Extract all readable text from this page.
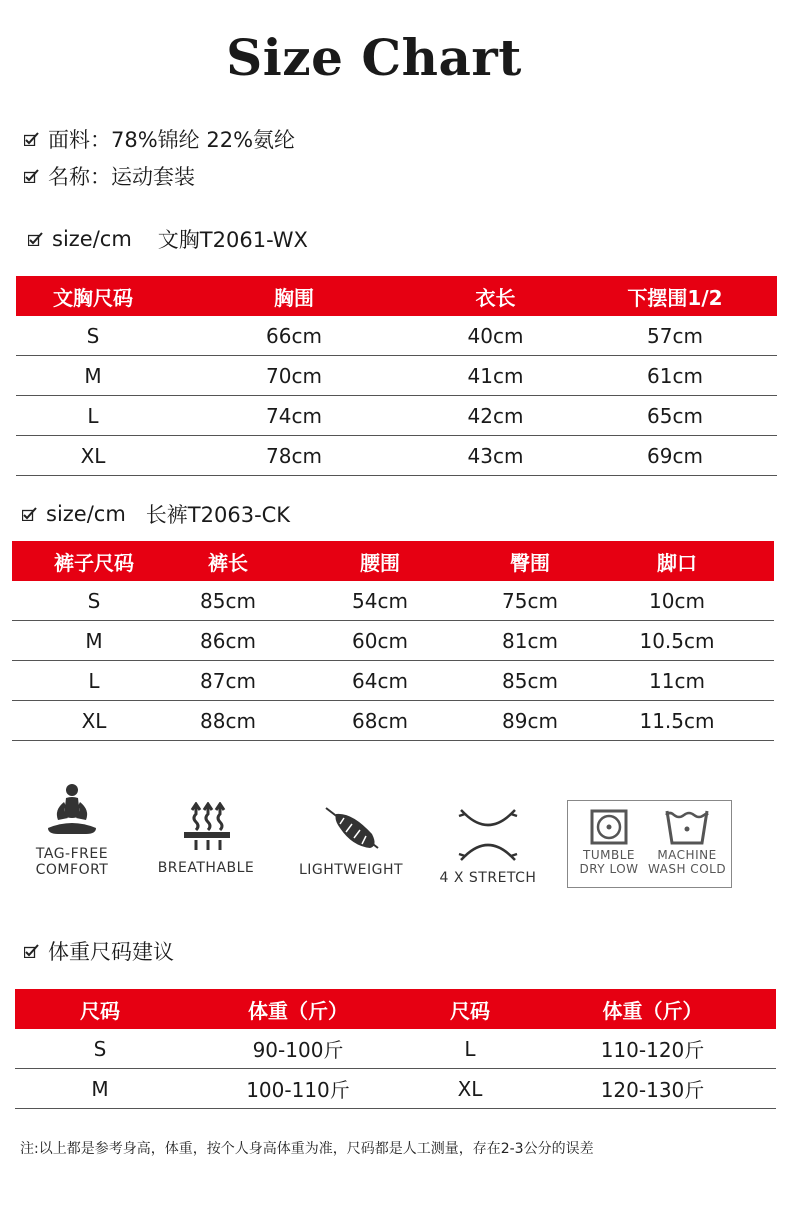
Size Chart
面料：78%锦纶 22%氨纶
名称：运动套装
size/cm 文胸T2061-WX
文胸尺码	胸围	衣长	下摆围1/2
S	66cm	40cm	57cm
M	70cm	41cm	61cm
L	74cm	42cm	65cm
XL	78cm	43cm	69cm
size/cm 长裤T2063-CK
裤子尺码	裤长	腰围	臀围	脚口
S	85cm	54cm	75cm	10cm
M	86cm	60cm	81cm	10.5cm
L	87cm	64cm	85cm	11cm
XL	88cm	68cm	89cm	11.5cm
TAG-FREE
COMFORT	BREATHABLE	LIGHTWEIGHT	4 X STRETCH
TUMBLE
DRY LOW
MACHINE
WASH COLD
体重尺码建议
尺码	体重（斤）	尺码	体重（斤）
S	90-100斤	L	110-120斤
M	100-110斤	XL	120-130斤
注:以上都是参考身高，体重，按个人身高体重为准，尺码都是人工测量，存在2-3公分的误差
